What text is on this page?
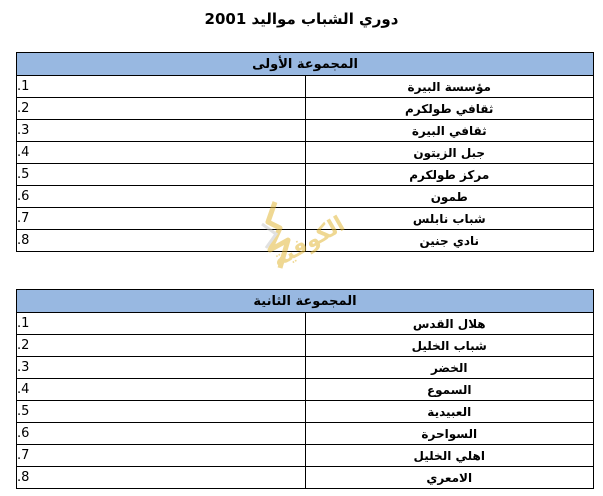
دوري الشباب مواليد 2001
المجموعة الأولى	
مؤسسة البيرة	1.
ثقافي طولكرم	2.
ثقافي البيرة	3.
جبل الزيتون	4.
مركز طولكرم	5.
طمون	6.
شباب نابلس	7.
نادي جنين	8.
المجموعة الثانية	
هلال القدس	1.
شباب الخليل	2.
الخضر	3.
السموع	4.
العبيدية	5.
السواحرة	6.
اهلي الخليل	7.
الامعري	8.
الكوفية
